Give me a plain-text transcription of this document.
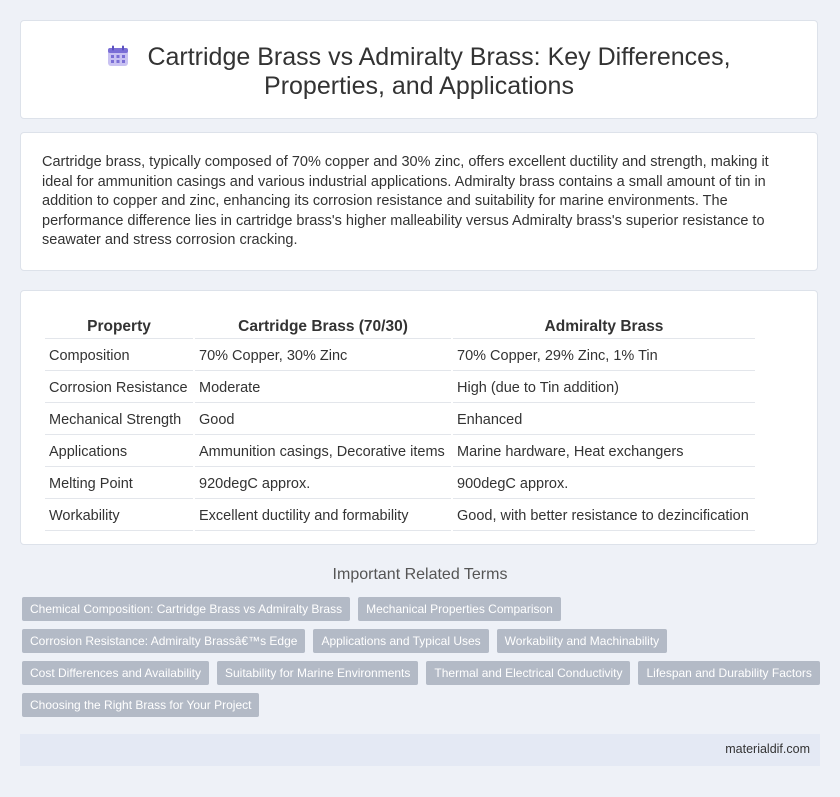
Cartridge Brass vs Admiralty Brass: Key Differences, Properties, and Applications

Cartridge brass, typically composed of 70% copper and 30% zinc, offers excellent ductility and strength, making it ideal for ammunition casings and various industrial applications. Admiralty brass contains a small amount of tin in addition to copper and zinc, enhancing its corrosion resistance and suitability for marine environments. The performance difference lies in cartridge brass's higher malleability versus Admiralty brass's superior resistance to seawater and stress corrosion cracking.

Property	Cartridge Brass (70/30)	Admiralty Brass
Composition	70% Copper, 30% Zinc	70% Copper, 29% Zinc, 1% Tin
Corrosion Resistance	Moderate	High (due to Tin addition)
Mechanical Strength	Good	Enhanced
Applications	Ammunition casings, Decorative items	Marine hardware, Heat exchangers
Melting Point	920degC approx.	900degC approx.
Workability	Excellent ductility and formability	Good, with better resistance to dezincification
Important Related Terms
Chemical Composition: Cartridge Brass vs Admiralty Brass	Mechanical Properties Comparison
Corrosion Resistance: Admiralty Brassâ€™s Edge	Applications and Typical Uses	Workability and Machinability
Cost Differences and Availability	Suitability for Marine Environments	Thermal and Electrical Conductivity	Lifespan and Durability Factors
Choosing the Right Brass for Your Project
materialdif.com
